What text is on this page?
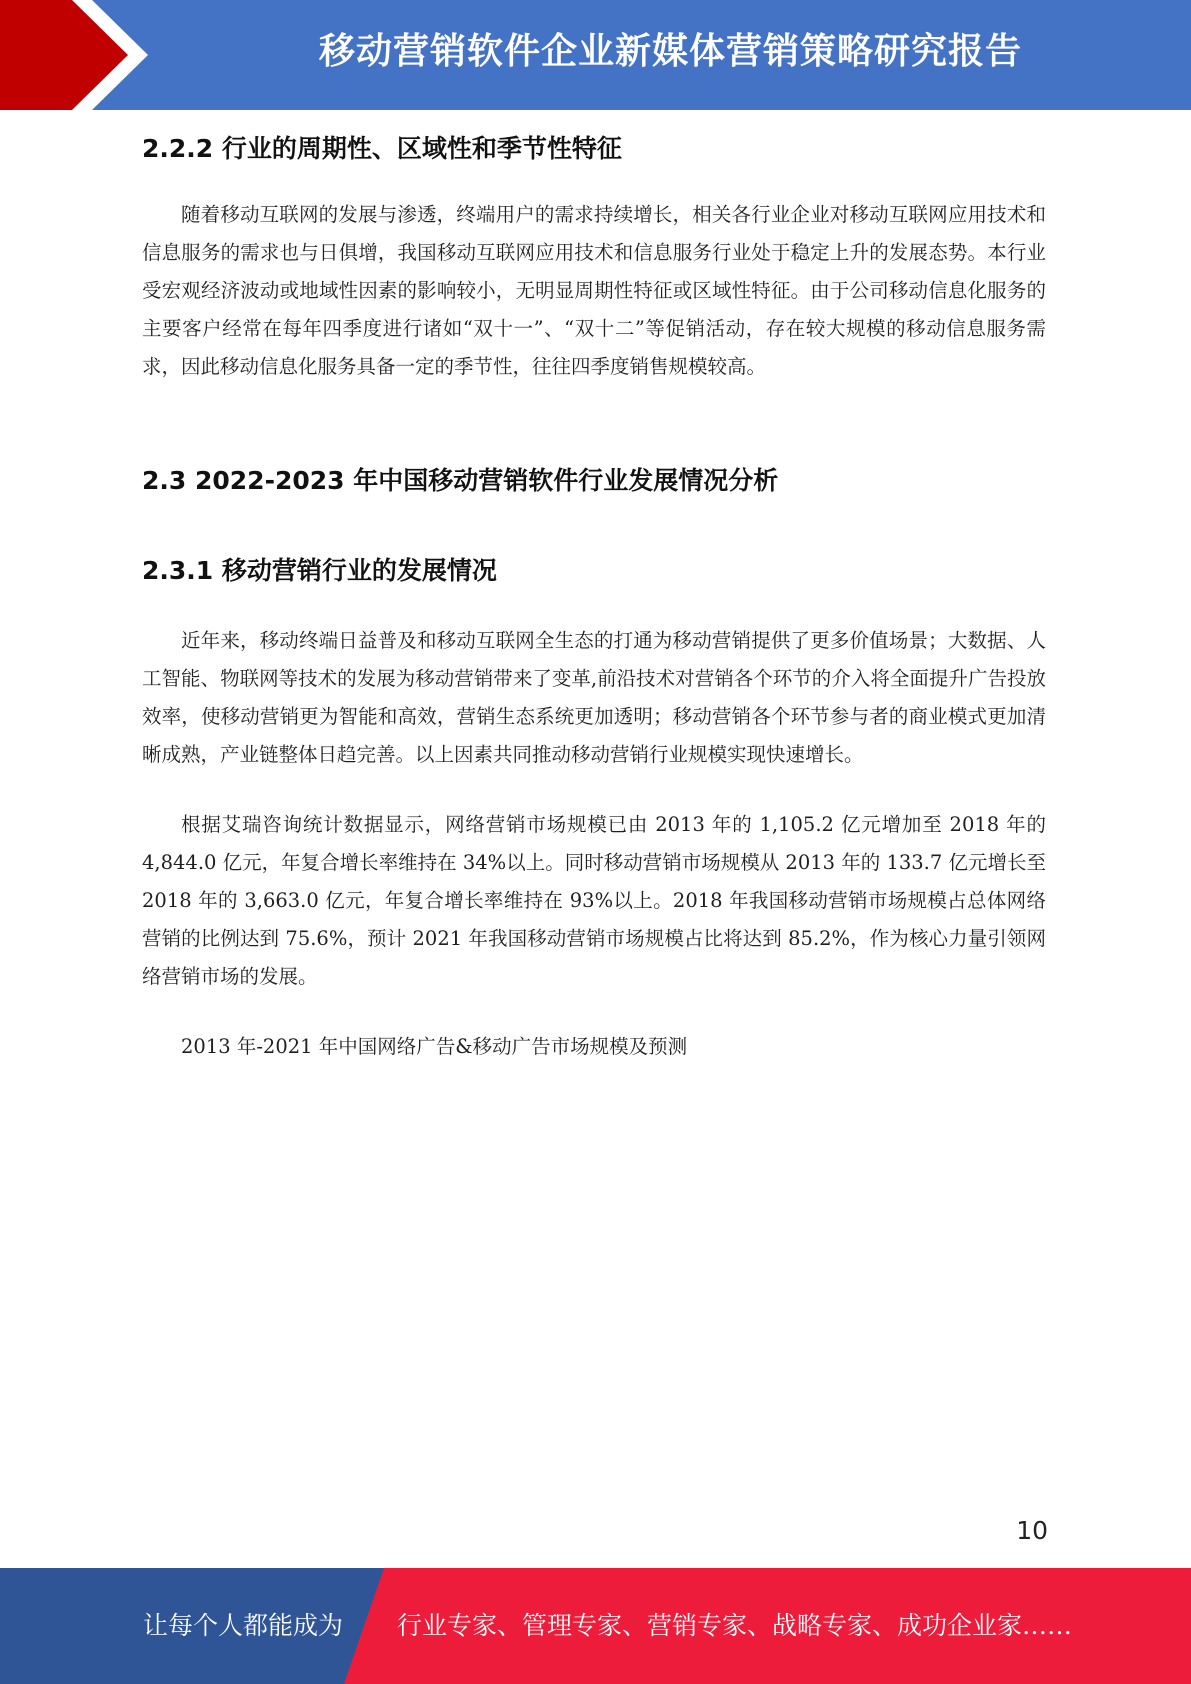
移动营销软件企业新媒体营销策略研究报告
2.2.2 行业的周期性、区域性和季节性特征

随着移动互联网的发展与渗透，终端用户的需求持续增长，相关各行业企业对移动互联网应用技术和信息服务的需求也与日俱增，我国移动互联网应用技术和信息服务行业处于稳定上升的发展态势。本行业受宏观经济波动或地域性因素的影响较小，无明显周期性特征或区域性特征。由于公司移动信息化服务的主要客户经常在每年四季度进行诸如“双十一”、“双十二”等促销活动，存在较大规模的移动信息服务需求，因此移动信息化服务具备一定的季节性，往往四季度销售规模较高。

2.3 2022-2023 年中国移动营销软件行业发展情况分析
2.3.1 移动营销行业的发展情况

近年来，移动终端日益普及和移动互联网全生态的打通为移动营销提供了更多价值场景；大数据、人工智能、物联网等技术的发展为移动营销带来了变革,前沿技术对营销各个环节的介入将全面提升广告投放效率，使移动营销更为智能和高效，营销生态系统更加透明；移动营销各个环节参与者的商业模式更加清晰成熟，产业链整体日趋完善。以上因素共同推动移动营销行业规模实现快速增长。

根据艾瑞咨询统计数据显示，网络营销市场规模已由 2013 年的 1,105.2 亿元增加至 2018 年的 4,844.0 亿元，年复合增长率维持在 34%以上。同时移动营销市场规模从 2013 年的 133.7 亿元增长至 2018 年的 3,663.0 亿元，年复合增长率维持在 93%以上。2018 年我国移动营销市场规模占总体网络营销的比例达到 75.6%，预计 2021 年我国移动营销市场规模占比将达到 85.2%，作为核心力量引领网络营销市场的发展。

2013 年-2021 年中国网络广告&移动广告市场规模及预测
10
让每个人都能成为 行业专家、管理专家、营销专家、战略专家、成功企业家……
